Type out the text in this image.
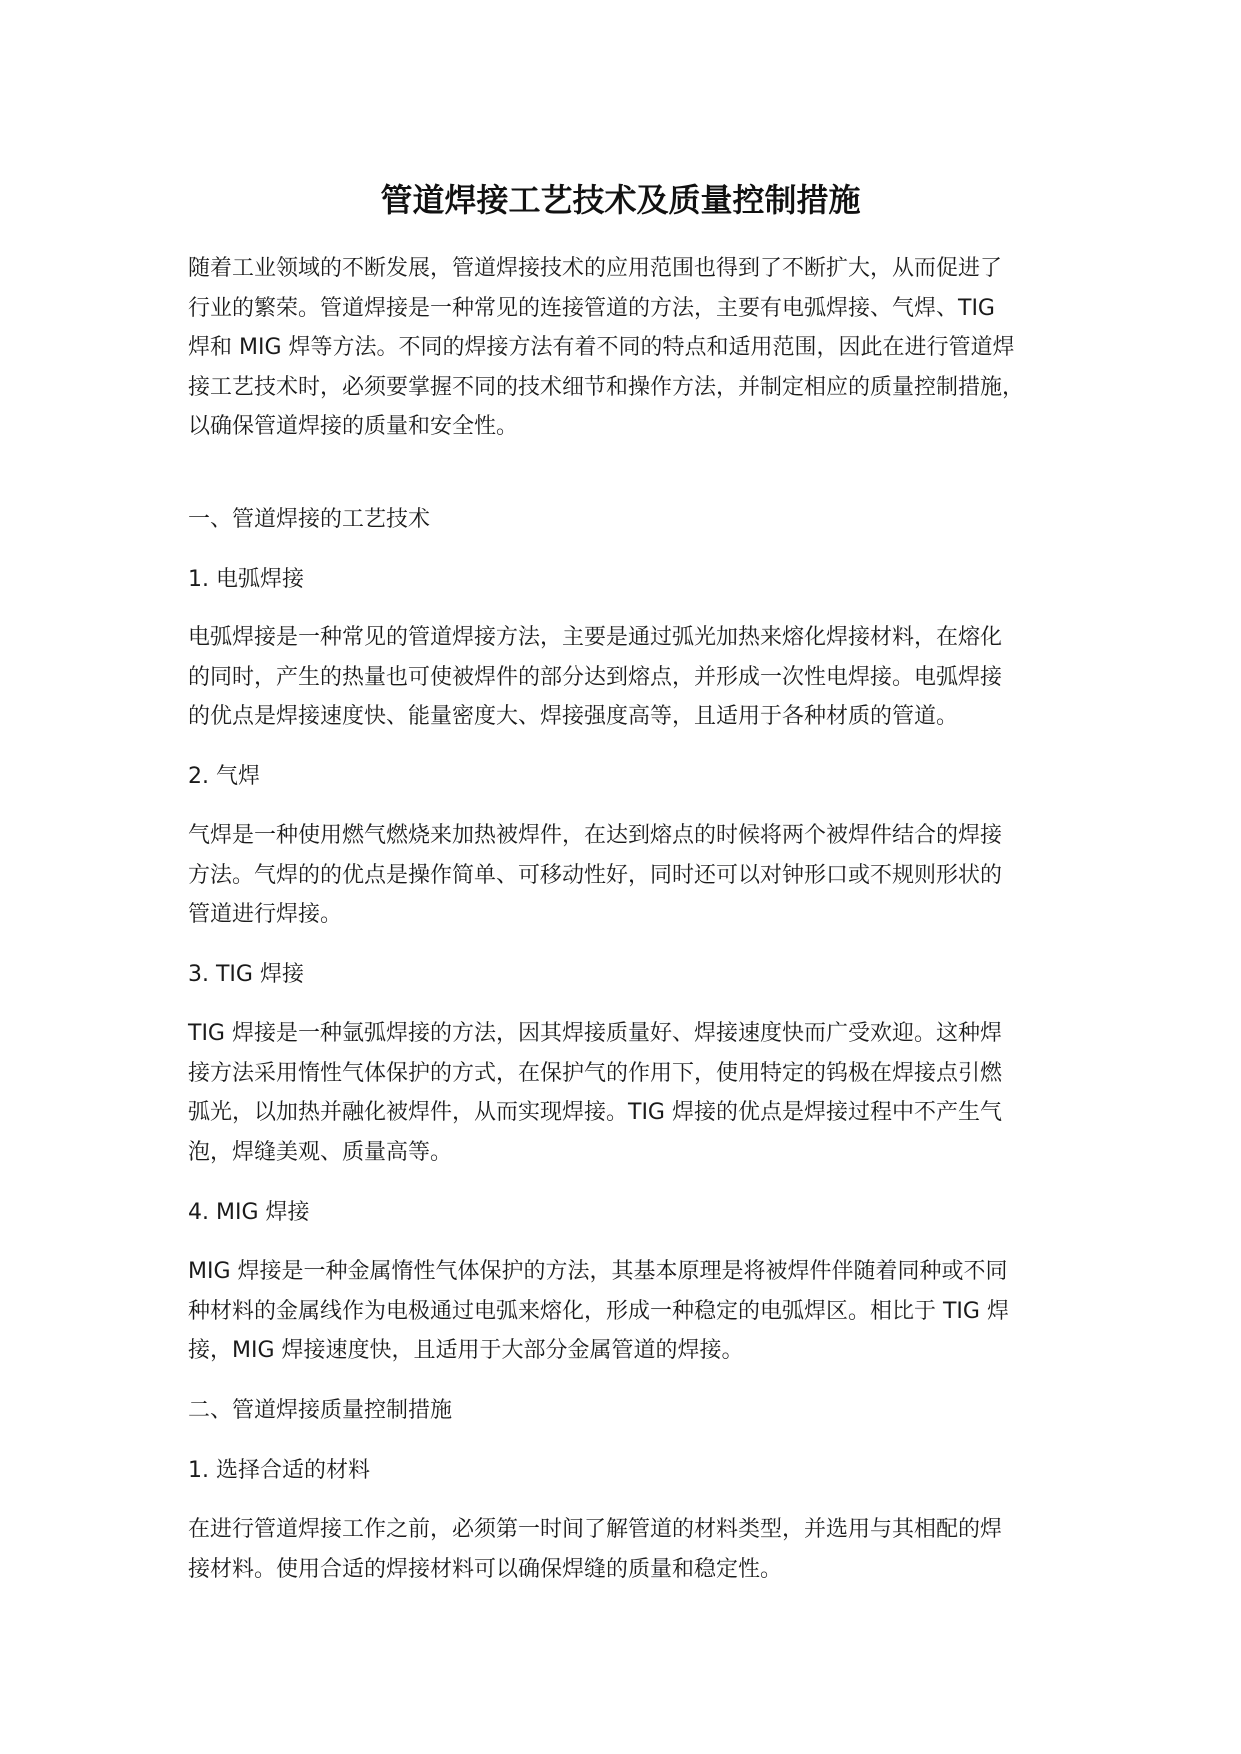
管道焊接工艺技术及质量控制措施
随着工业领域的不断发展，管道焊接技术的应用范围也得到了不断扩大，从而促进了
行业的繁荣。管道焊接是一种常见的连接管道的方法，主要有电弧焊接、气焊、TIG
焊和 MIG 焊等方法。不同的焊接方法有着不同的特点和适用范围，因此在进行管道焊
接工艺技术时，必须要掌握不同的技术细节和操作方法，并制定相应的质量控制措施，
以确保管道焊接的质量和安全性。
一、管道焊接的工艺技术
1. 电弧焊接
电弧焊接是一种常见的管道焊接方法，主要是通过弧光加热来熔化焊接材料，在熔化
的同时，产生的热量也可使被焊件的部分达到熔点，并形成一次性电焊接。电弧焊接
的优点是焊接速度快、能量密度大、焊接强度高等，且适用于各种材质的管道。
2. 气焊
气焊是一种使用燃气燃烧来加热被焊件，在达到熔点的时候将两个被焊件结合的焊接
方法。气焊的的优点是操作简单、可移动性好，同时还可以对钟形口或不规则形状的
管道进行焊接。
3. TIG 焊接
TIG 焊接是一种氩弧焊接的方法，因其焊接质量好、焊接速度快而广受欢迎。这种焊
接方法采用惰性气体保护的方式，在保护气的作用下，使用特定的钨极在焊接点引燃
弧光，以加热并融化被焊件，从而实现焊接。TIG 焊接的优点是焊接过程中不产生气
泡，焊缝美观、质量高等。
4. MIG 焊接
MIG 焊接是一种金属惰性气体保护的方法，其基本原理是将被焊件伴随着同种或不同
种材料的金属线作为电极通过电弧来熔化，形成一种稳定的电弧焊区。相比于 TIG 焊
接，MIG 焊接速度快，且适用于大部分金属管道的焊接。
二、管道焊接质量控制措施
1. 选择合适的材料
在进行管道焊接工作之前，必须第一时间了解管道的材料类型，并选用与其相配的焊
接材料。使用合适的焊接材料可以确保焊缝的质量和稳定性。
